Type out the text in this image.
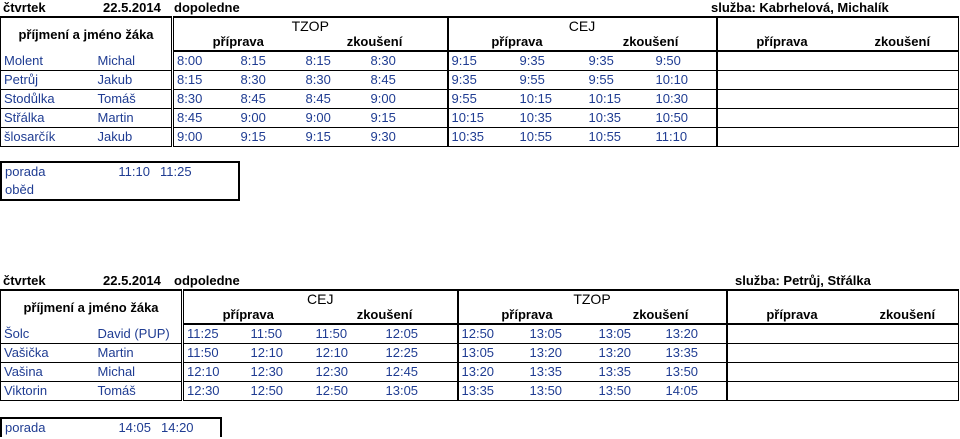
čtvrtek	22.5.2014 dopoledne	služba: Kabrhelová, Michalík
příjmení a jméno žáka		TZOP				CEJ					
		příprava		zkoušení		příprava		zkoušení		příprava	zkoušení
Molent	Michal	8:00	8:15	8:15	8:30	9:15	9:35	9:35	9:50		
Petrůj	Jakub	8:15	8:30	8:30	8:45	9:35	9:55	9:55	10:10		
Stodůlka	Tomáš	8:30	8:45	8:45	9:00	9:55	10:15	10:15	10:30		
Střálka	Martin	8:45	9:00	9:00	9:15	10:15	10:35	10:35	10:50		
šlosarčík	Jakub	9:00	9:15	9:15	9:30	10:35	10:55	10:55	11:10		
porada	11:10	11:25
oběd		
čtvrtek	22.5.2014 odpoledne	služba: Petrůj, Střálka
příjmení a jméno žáka		CEJ				TZOP					
		příprava		zkoušení		příprava		zkoušení		příprava	zkoušení
Šolc	David (PUP)	11:25	11:50	11:50	12:05	12:50	13:05	13:05	13:20		
Vašička	Martin	11:50	12:10	12:10	12:25	13:05	13:20	13:20	13:35		
Vašina	Michal	12:10	12:30	12:30	12:45	13:20	13:35	13:35	13:50		
Viktorin	Tomáš	12:30	12:50	12:50	13:05	13:35	13:50	13:50	14:05		
porada	14:05	14:20
